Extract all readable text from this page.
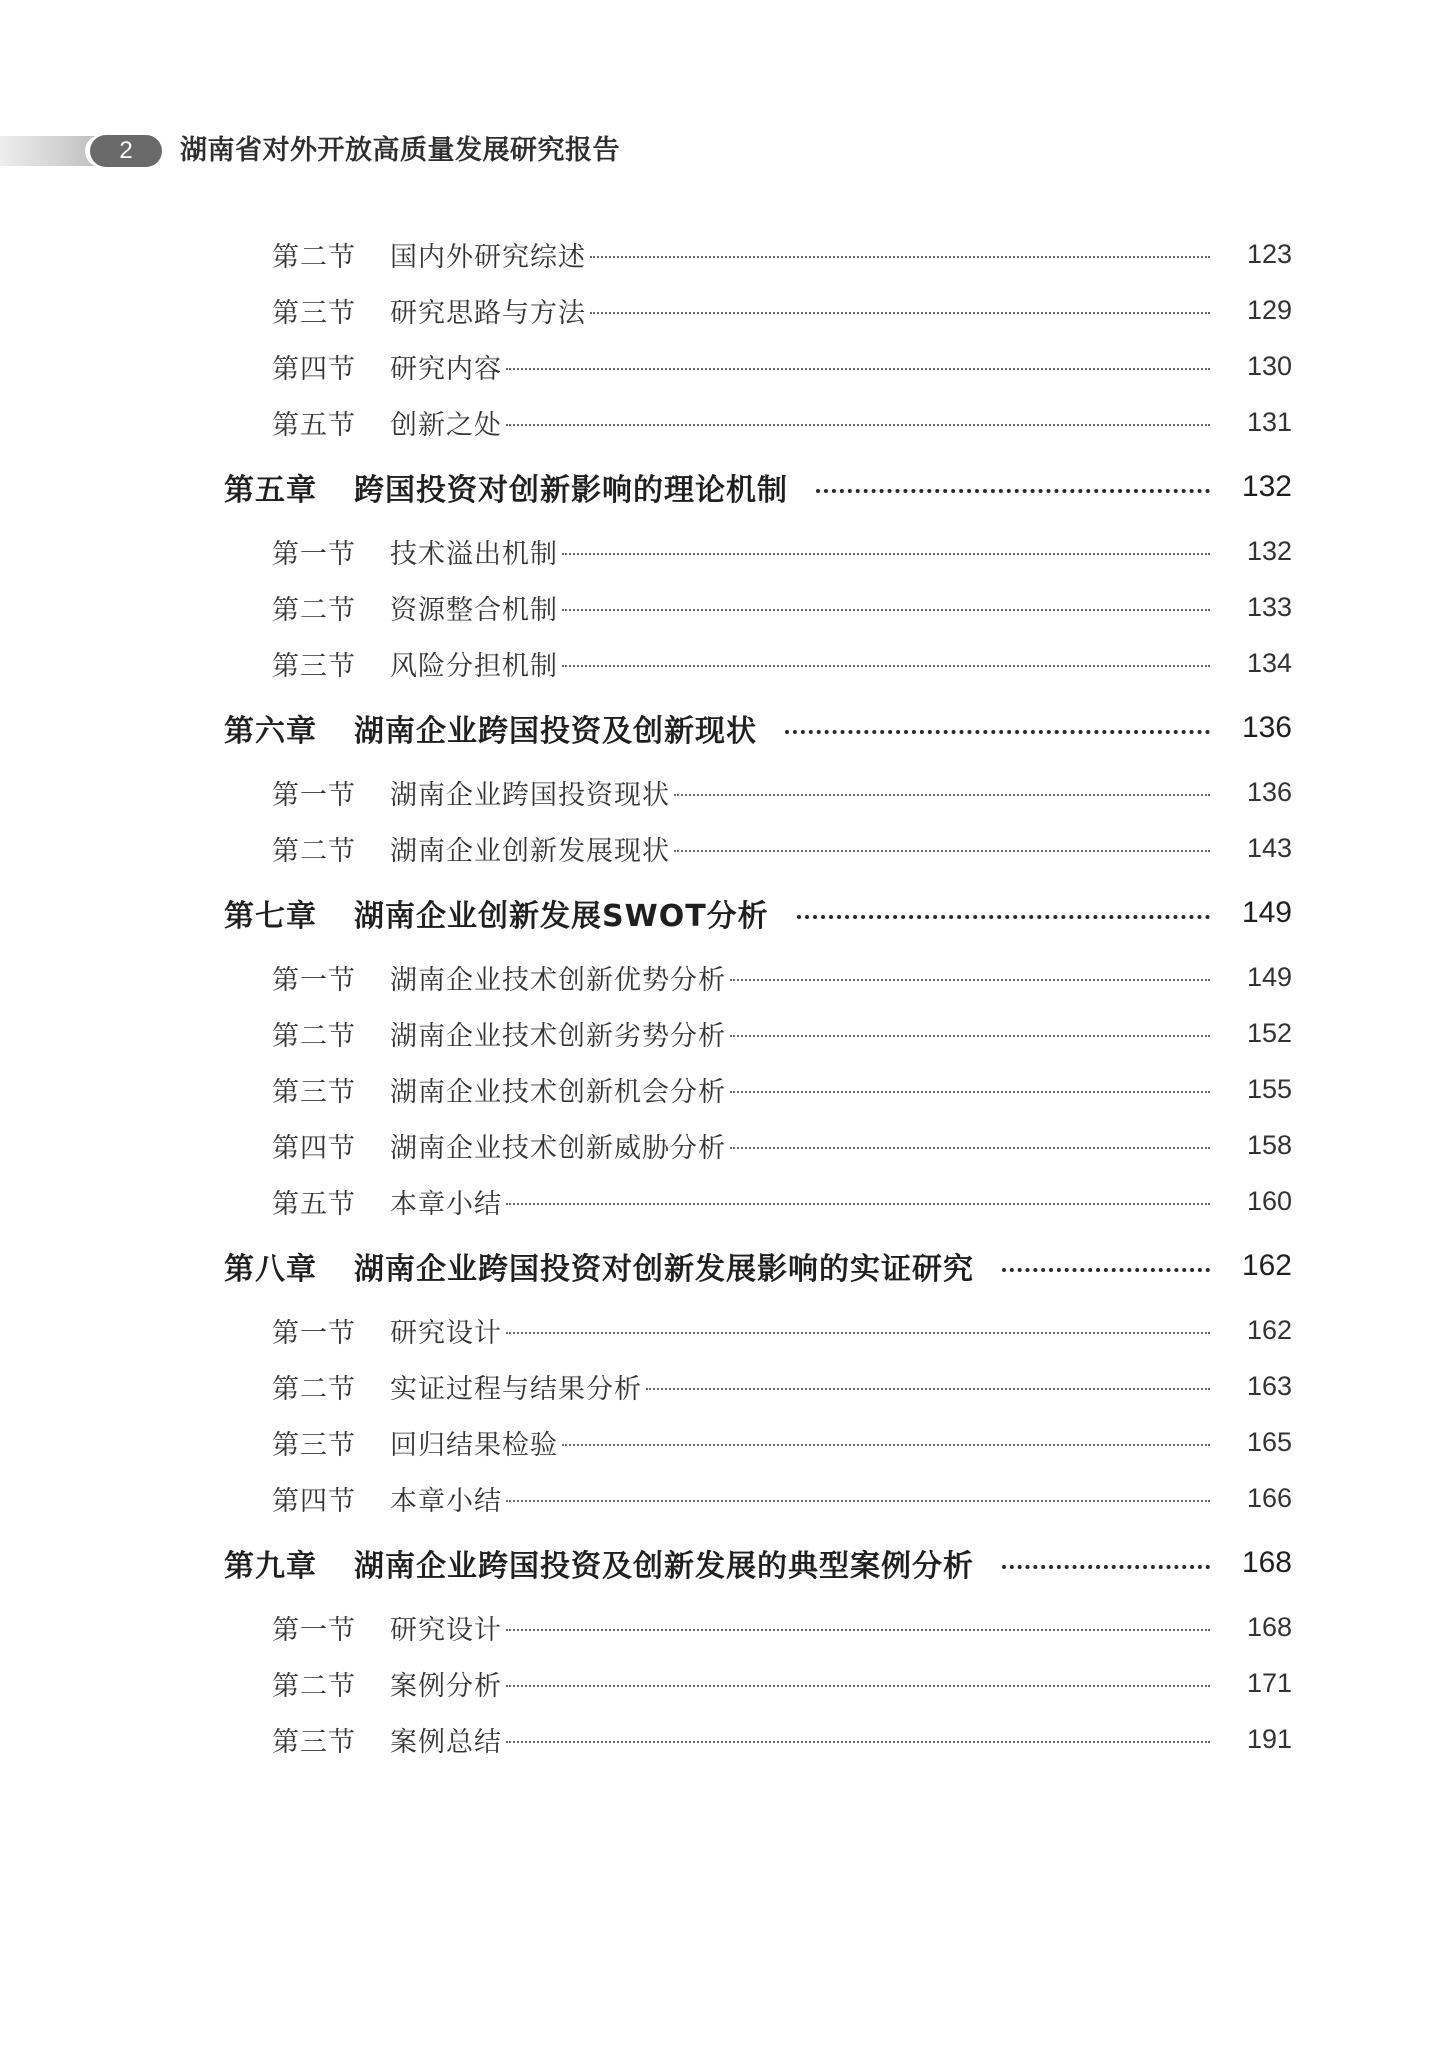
2	湖南省对外开放高质量发展研究报告
第二节 国内外研究综述	123
第三节 研究思路与方法	129
第四节 研究内容	130
第五节 创新之处	131
第五章 跨国投资对创新影响的理论机制	132
第一节 技术溢出机制	132
第二节 资源整合机制	133
第三节 风险分担机制	134
第六章 湖南企业跨国投资及创新现状	136
第一节 湖南企业跨国投资现状	136
第二节 湖南企业创新发展现状	143
第七章 湖南企业创新发展SWOT分析	149
第一节 湖南企业技术创新优势分析	149
第二节 湖南企业技术创新劣势分析	152
第三节 湖南企业技术创新机会分析	155
第四节 湖南企业技术创新威胁分析	158
第五节 本章小结	160
第八章 湖南企业跨国投资对创新发展影响的实证研究	162
第一节 研究设计	162
第二节 实证过程与结果分析	163
第三节 回归结果检验	165
第四节 本章小结	166
第九章 湖南企业跨国投资及创新发展的典型案例分析	168
第一节 研究设计	168
第二节 案例分析	171
第三节 案例总结	191
